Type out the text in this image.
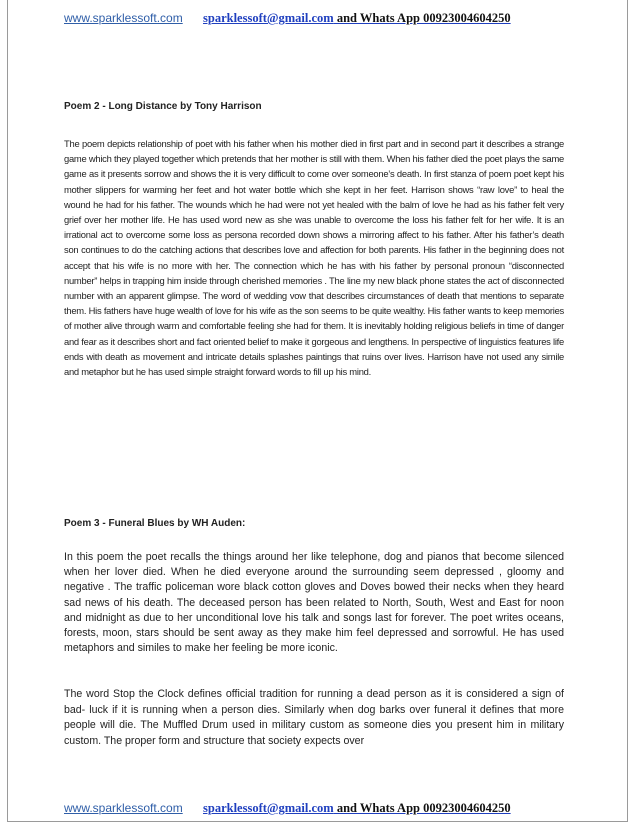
www.sparklessoft.com sparklessoft@gmail.com and Whats App 00923004604250
Poem 2 - Long Distance by Tony Harrison

The poem depicts relationship of poet with his father when his mother died in first part and in second part it describes a strange game which they played together which pretends that her mother is still with them. When his father died the poet plays the same game as it presents sorrow and shows the it is very difficult to come over someone’s death. In first stanza of poem poet kept his mother slippers for warming her feet and hot water bottle which she kept in her feet. Harrison shows “raw love” to heal the wound he had for his father. The wounds which he had were not yet healed with the balm of love he had as his father felt very grief over her mother life. He has used word new as she was unable to overcome the loss his father felt for her wife. It is an irrational act to overcome some loss as persona recorded down shows a mirroring affect to his father. After his father’s death son continues to do the catching actions that describes love and affection for both parents. His father in the beginning does not accept that his wife is no more with her. The connection which he has with his father by personal pronoun “disconnected number” helps in trapping him inside through cherished memories . The line my new black phone states the act of disconnected number with an apparent glimpse. The word of wedding vow that describes circumstances of death that mentions to separate them. His fathers have huge wealth of love for his wife as the son seems to be quite wealthy. His father wants to keep memories of mother alive through warm and comfortable feeling she had for them. It is inevitably holding religious beliefs in time of danger and fear as it describes short and fact oriented belief to make it gorgeous and lengthens. In perspective of linguistics features life ends with death as movement and intricate details splashes paintings that ruins over lives. Harrison have not used any simile and metaphor but he has used simple straight forward words to fill up his mind.

Poem 3 - Funeral Blues by WH Auden:

In this poem the poet recalls the things around her like telephone, dog and pianos that become silenced when her lover died. When he died everyone around the surrounding seem depressed , gloomy and negative . The traffic policeman wore black cotton gloves and Doves bowed their necks when they heard sad news of his death. The deceased person has been related to North, South, West and East for noon and midnight as due to her unconditional love his talk and songs last for forever. The poet writes oceans, forests, moon, stars should be sent away as they make him feel depressed and sorrowful. He has used metaphors and similes to make her feeling be more iconic.

The word Stop the Clock defines official tradition for running a dead person as it is considered a sign of bad- luck if it is running when a person dies. Similarly when dog barks over funeral it defines that more people will die. The Muffled Drum used in military custom as someone dies you present him in military custom. The proper form and structure that society expects over

www.sparklessoft.com sparklessoft@gmail.com and Whats App 00923004604250
